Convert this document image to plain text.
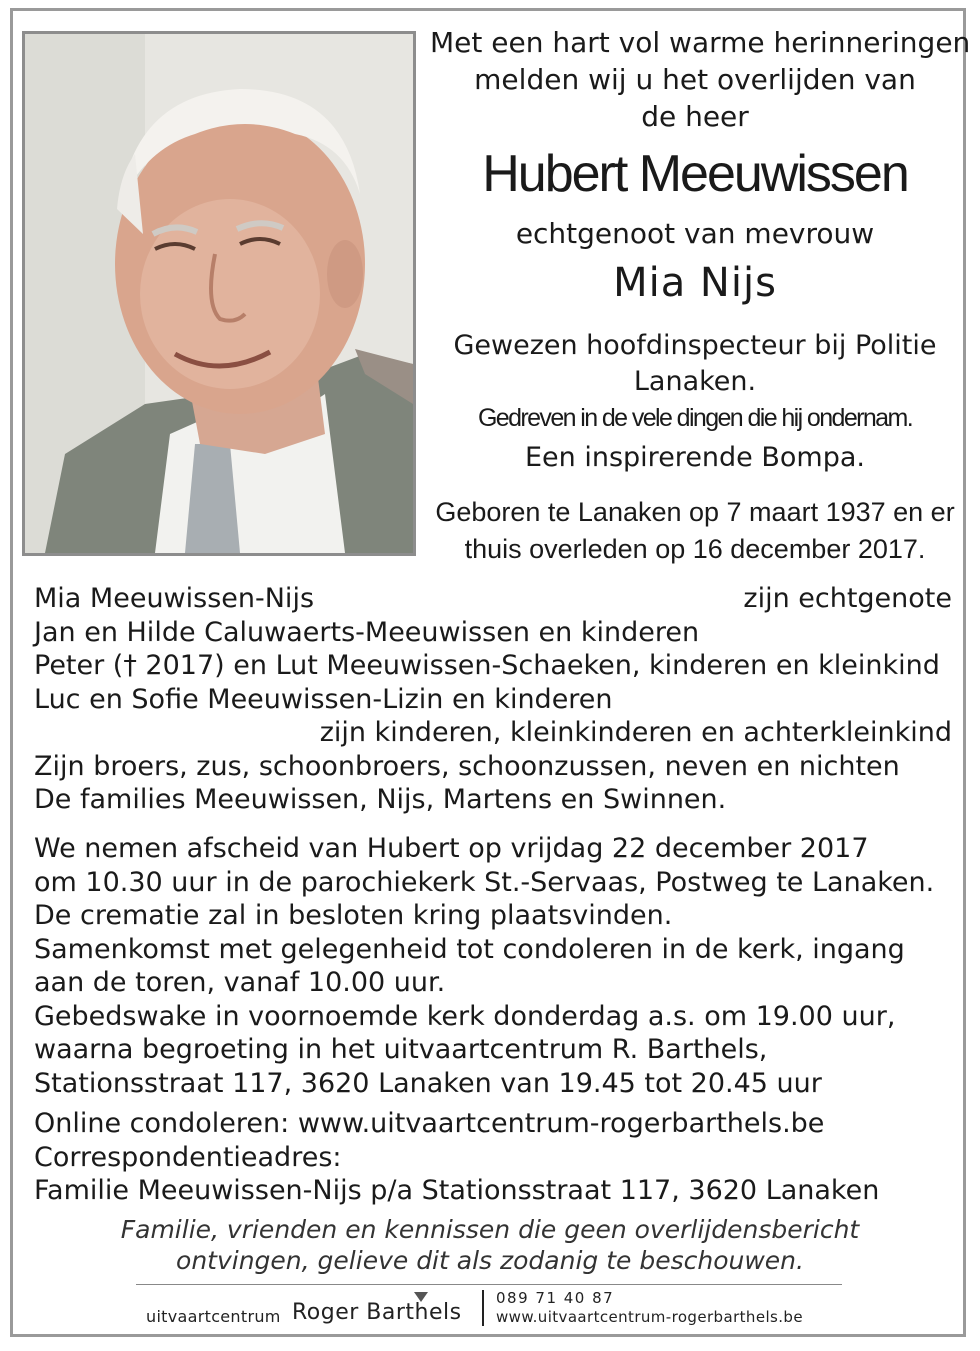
Met een hart vol warme herinneringen
melden wij u het overlijden van
de heer
Hubert Meeuwissen
echtgenoot van mevrouw
Mia Nijs
Gewezen hoofdinspecteur bij Politie
Lanaken.
Gedreven in de vele dingen die hij ondernam.
Een inspirerende Bompa.
Geboren te Lanaken op 7 maart 1937 en er
thuis overleden op 16 december 2017.
Mia Meeuwissen-Nijs	zijn echtgenote
Jan en Hilde Caluwaerts-Meeuwissen en kinderen
Peter († 2017) en Lut Meeuwissen-Schaeken, kinderen en kleinkind
Luc en Sofie Meeuwissen-Lizin en kinderen
zijn kinderen, kleinkinderen en achterkleinkind
Zijn broers, zus, schoonbroers, schoonzussen, neven en nichten
De families Meeuwissen, Nijs, Martens en Swinnen.
We nemen afscheid van Hubert op vrijdag 22 december 2017
om 10.30 uur in de parochiekerk St.-Servaas, Postweg te Lanaken.
De crematie zal in besloten kring plaatsvinden.
Samenkomst met gelegenheid tot condoleren in de kerk, ingang
aan de toren, vanaf 10.00 uur.
Gebedswake in voornoemde kerk donderdag a.s. om 19.00 uur,
waarna begroeting in het uitvaartcentrum R. Barthels,
Stationsstraat 117, 3620 Lanaken van 19.45 tot 20.45 uur
Online condoleren: www.uitvaartcentrum-rogerbarthels.be
Correspondentieadres:
Familie Meeuwissen-Nijs p/a Stationsstraat 117, 3620 Lanaken
Familie, vrienden en kennissen die geen overlijdensbericht
ontvingen, gelieve dit als zodanig te beschouwen.
uitvaartcentrum Roger Barthels
089 71 40 87
www.uitvaartcentrum-rogerbarthels.be
